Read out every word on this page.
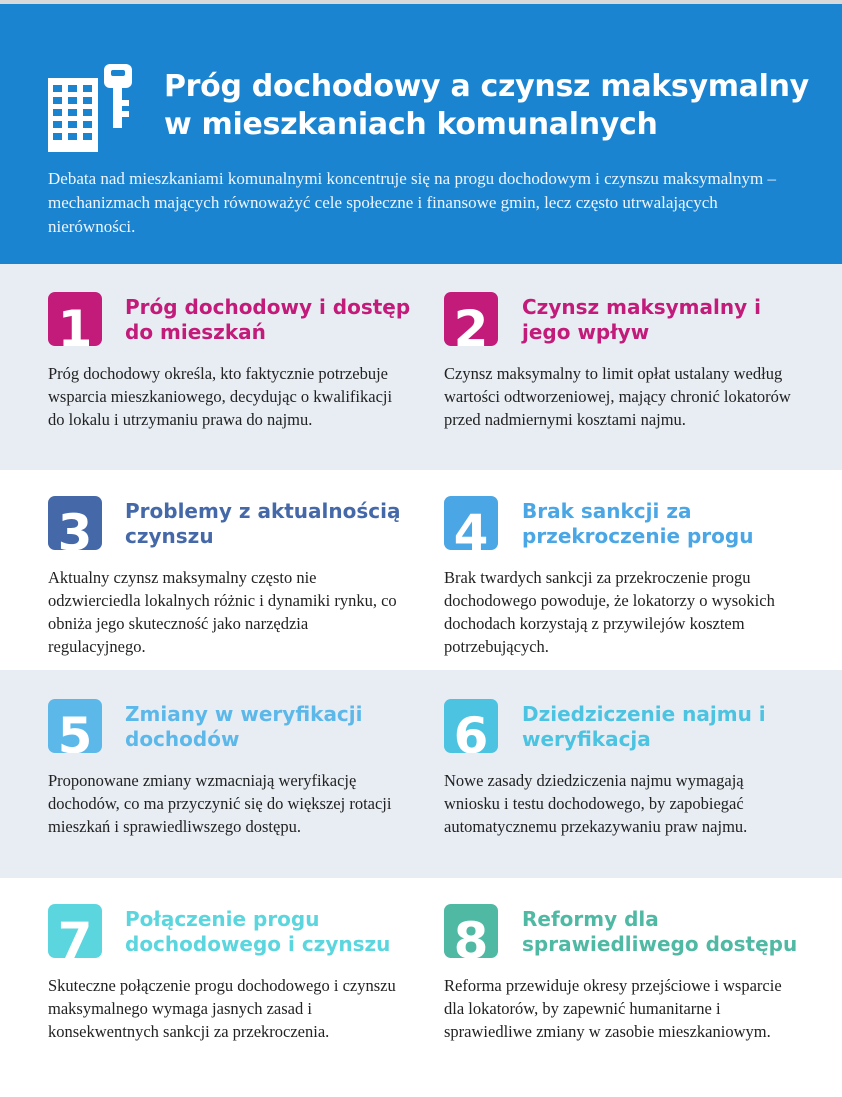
Próg dochodowy a czynsz maksymalny
w mieszkaniach komunalnych

Debata nad mieszkaniami komunalnymi koncentruje się na progu dochodowym i czynszu maksymalnym – mechanizmach mających równoważyć cele społeczne i finansowe gmin, lecz często utrwalających nierówności.

1	Próg dochodowy i dostęp do mieszkań

Próg dochodowy określa, kto faktycznie potrzebuje wsparcia mieszkaniowego, decydując o kwalifikacji do lokalu i utrzymaniu prawa do najmu.

2	Czynsz maksymalny i jego wpływ

Czynsz maksymalny to limit opłat ustalany według wartości odtworzeniowej, mający chronić lokatorów przed nadmiernymi kosztami najmu.

3	Problemy z aktualnością czynszu

Aktualny czynsz maksymalny często nie odzwierciedla lokalnych różnic i dynamiki rynku, co obniża jego skuteczność jako narzędzia regulacyjnego.

4	Brak sankcji za przekroczenie progu

Brak twardych sankcji za przekroczenie progu dochodowego powoduje, że lokatorzy o wysokich dochodach korzystają z przywilejów kosztem potrzebujących.

5	Zmiany w weryfikacji dochodów

Proponowane zmiany wzmacniają weryfikację dochodów, co ma przyczynić się do większej rotacji mieszkań i sprawiedliwszego dostępu.

6	Dziedziczenie najmu i weryfikacja

Nowe zasady dziedziczenia najmu wymagają wniosku i testu dochodowego, by zapobiegać automatycznemu przekazywaniu praw najmu.

7	Połączenie progu dochodowego i czynszu

Skuteczne połączenie progu dochodowego i czynszu maksymalnego wymaga jasnych zasad i konsekwentnych sankcji za przekroczenia.

8	Reformy dla sprawiedliwego dostępu

Reforma przewiduje okresy przejściowe i wsparcie dla lokatorów, by zapewnić humanitarne i sprawiedliwe zmiany w zasobie mieszkaniowym.
